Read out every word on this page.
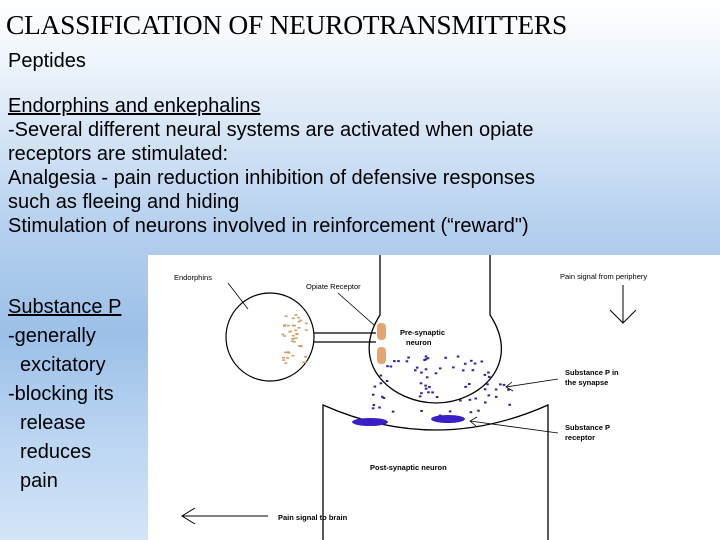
CLASSIFICATION OF NEUROTRANSMITTERS
Peptides
Endorphins and enkephalins
-Several different neural systems are activated when opiate
receptors are stimulated:
Analgesia - pain reduction inhibition of defensive responses
such as fleeing and hiding
Stimulation of neurons involved in reinforcement (“reward")
Substance P
-generally
excitatory
-blocking its
release
reduces
pain
Endorphins
Opiate Receptor
Pain signal from periphery
Pre-synaptic
neuron
Substance P in
the synapse
Substance P
receptor
Post-synaptic neuron
Pain signal to brain
